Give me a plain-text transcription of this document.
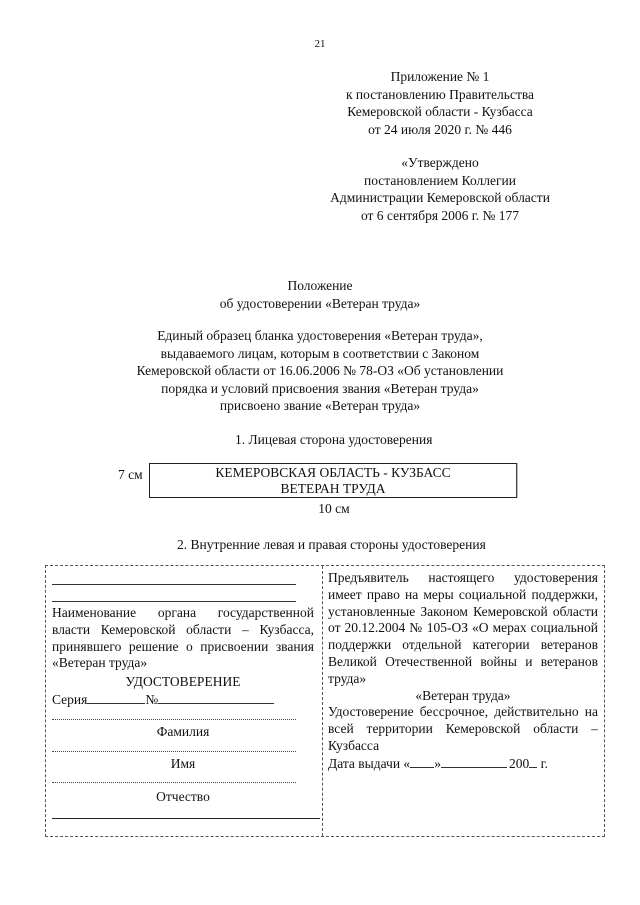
21
Приложение № 1
к постановлению Правительства
Кемеровской области - Кузбасса
от 24 июля 2020 г. № 446
«Утверждено
постановлением Коллегии
Администрации Кемеровской области
от 6 сентября 2006 г. № 177
Положение
об удостоверении «Ветеран труда»
Единый образец бланка удостоверения «Ветеран труда»,
выдаваемого лицам, которым в соответствии с Законом
Кемеровской области от 16.06.2006 № 78-ОЗ «Об установлении
порядка и условий присвоения звания «Ветеран труда»
присвоено звание «Ветеран труда»
1. Лицевая сторона удостоверения
7 см	КЕМЕРОВСКАЯ ОБЛАСТЬ - КУЗБАСС
ВЕТЕРАН ТРУДА
10 см
2. Внутренние левая и правая стороны удостоверения
Наименование органа государственной власти Кемеровской области – Кузбасса, принявшего решение о присвоении звания «Ветеран труда»
УДОСТОВЕРЕНИЕ
Серия	№
Фамилия
Имя
Отчество
Предъявитель настоящего удостоверения имеет право на меры социальной поддержки, установленные Законом Кемеровской области от 20.12.2004 № 105-ОЗ «О мерах социальной поддержки отдельной категории ветеранов Великой Отечественной войны и ветеранов труда»
«Ветеран труда»
Удостоверение бессрочное, действительно на всей территории Кемеровской области – Кузбасса
Дата выдачи « »	200 г.
